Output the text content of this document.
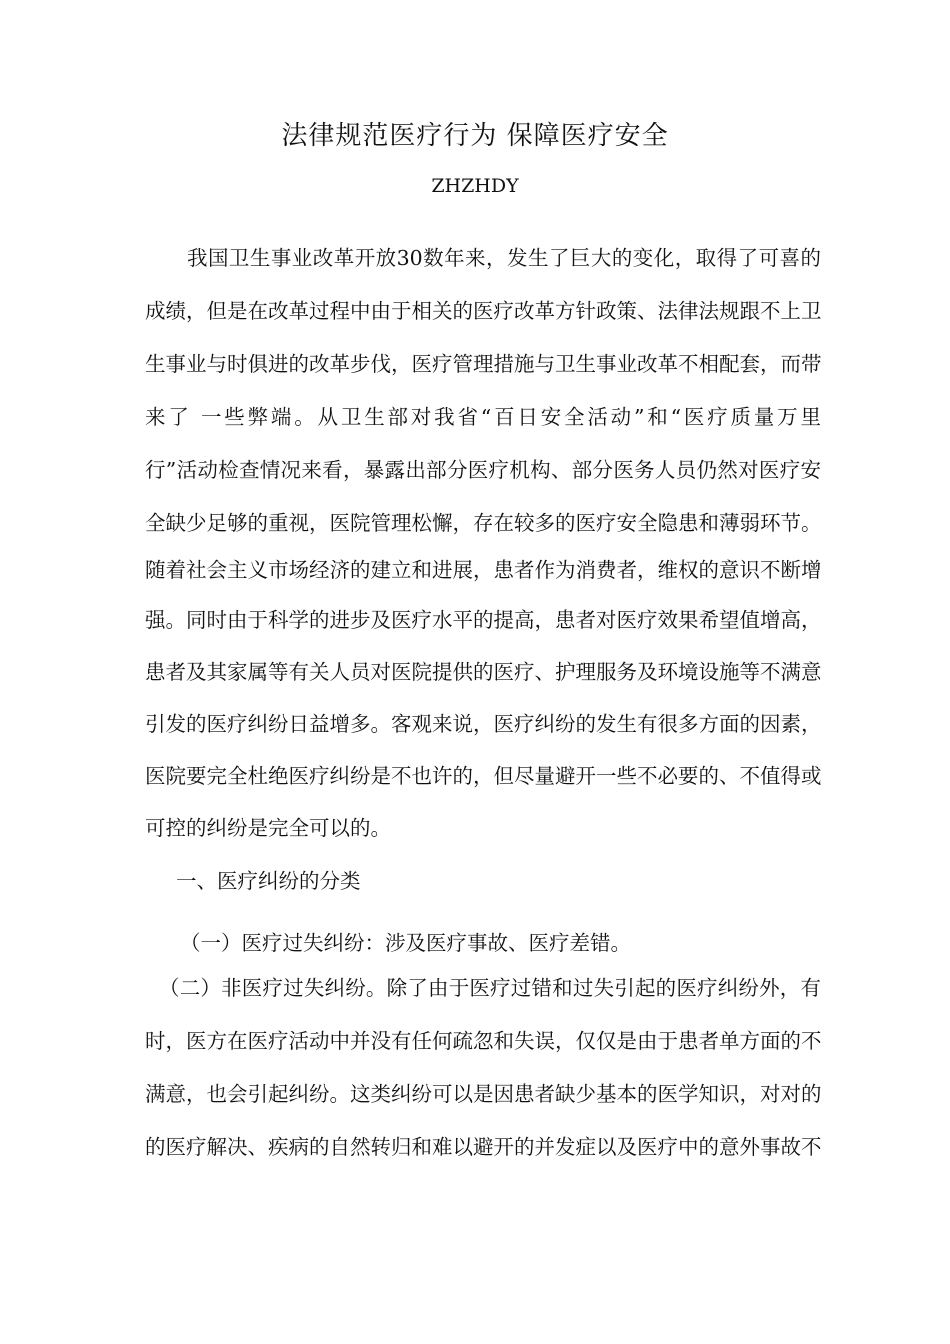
法律规范医疗行为 保障医疗安全
ZHZHDY
我国卫生事业改革开放30数年来，发生了巨大的变化，取得了可喜的
成绩，但是在改革过程中由于相关的医疗改革方针政策、法律法规跟不上卫
生事业与时俱进的改革步伐，医疗管理措施与卫生事业改革不相配套，而带
来了 一些弊端。从卫生部对我省“百日安全活动”和“医疗质量万里
行”活动检查情况来看，暴露出部分医疗机构、部分医务人员仍然对医疗安
全缺少足够的重视，医院管理松懈，存在较多的医疗安全隐患和薄弱环节。
随着社会主义市场经济的建立和进展，患者作为消费者，维权的意识不断增
强。同时由于科学的进步及医疗水平的提高，患者对医疗效果希望值增高，
患者及其家属等有关人员对医院提供的医疗、护理服务及环境设施等不满意
引发的医疗纠纷日益增多。客观来说，医疗纠纷的发生有很多方面的因素，
医院要完全杜绝医疗纠纷是不也许的，但尽量避开一些不必要的、不值得或
可控的纠纷是完全可以的。
一、医疗纠纷的分类
（一）医疗过失纠纷：涉及医疗事故、医疗差错。
（二）非医疗过失纠纷。除了由于医疗过错和过失引起的医疗纠纷外，有
时，医方在医疗活动中并没有任何疏忽和失误，仅仅是由于患者单方面的不
满意，也会引起纠纷。这类纠纷可以是因患者缺少基本的医学知识，对对的
的医疗解决、疾病的自然转归和难以避开的并发症以及医疗中的意外事故不
